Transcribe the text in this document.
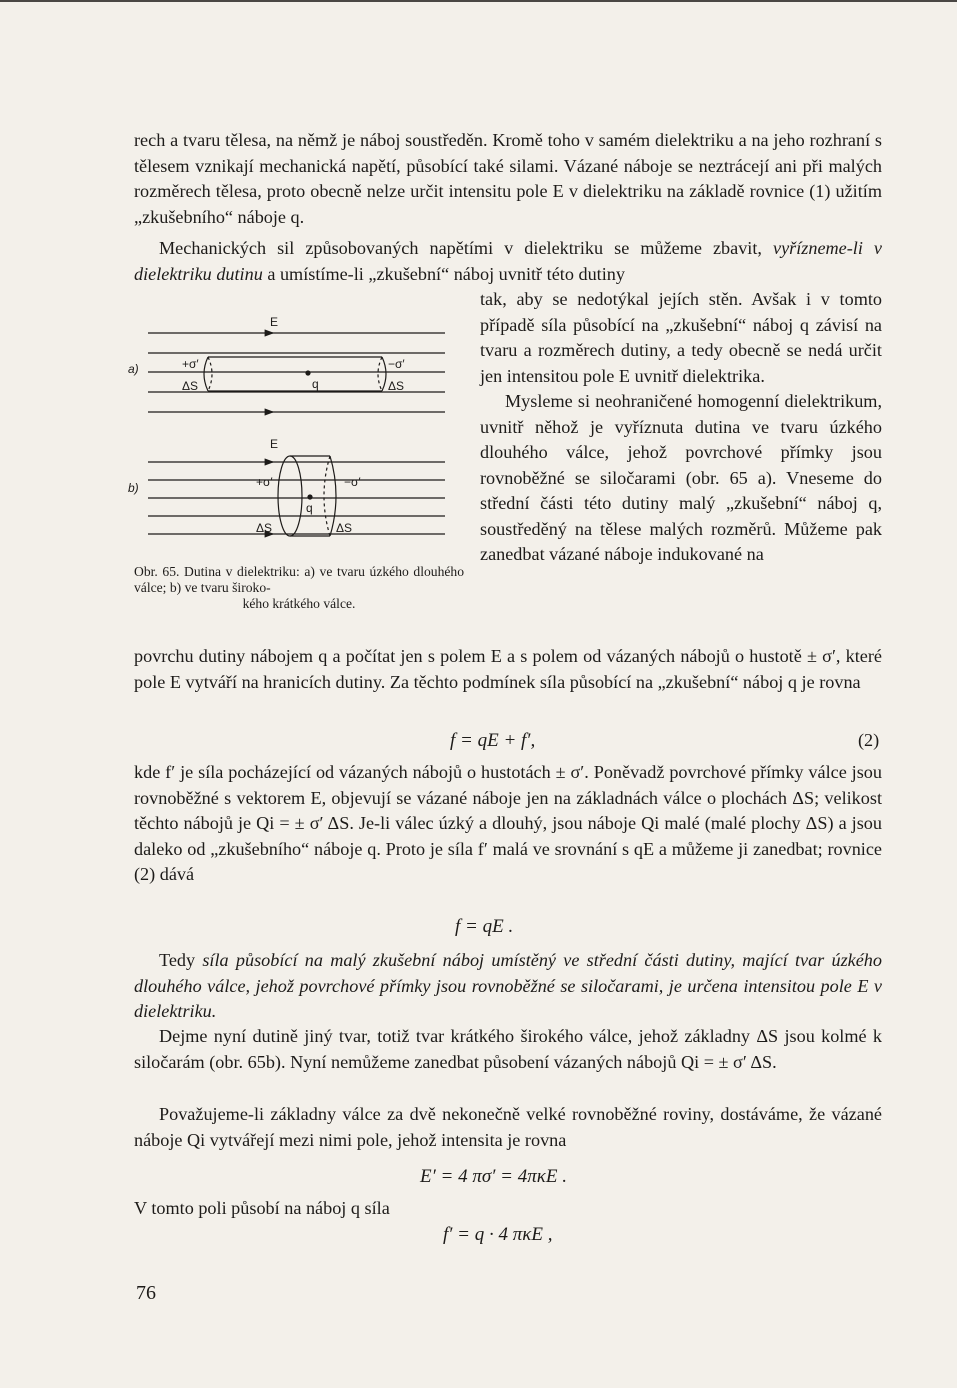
rech a tvaru tělesa, na němž je náboj soustředěn. Kromě toho v samém dielektriku a na jeho rozhraní s tělesem vznikají mechanická napětí, působící také silami. Vázané náboje se neztrácejí ani při malých rozměrech tělesa, proto obecně nelze určit intensitu pole E v dielektriku na základě rovnice (1) užitím „zkušebního“ náboje q.

Mechanických sil způsobovaných napětími v dielektriku se můžeme zbavit, vyřízneme-li v dielektriku dutinu a umístíme-li „zkušební“ náboj uvnitř této dutiny

tak, aby se nedotýkal jejích stěn. Avšak i v tomto případě síla působící na „zkušební“ náboj q závisí na tvaru a rozměrech dutiny, a tedy obecně se nedá určit jen intensitou pole E uvnitř dielektrika.

Mysleme si neohraničené homogenní dielektrikum, uvnitř něhož je vyříznuta dutina ve tvaru úzkého dlouhého válce, jehož povrchové přímky jsou rovnoběžné se siločarami (obr. 65 a). Vneseme do střední části této dutiny malý „zkušební“ náboj q, soustředěný na tělese malých rozměrů. Můžeme pak zanedbat vázané náboje indukované na

a)
E
+σ′	−σ′
ΔS	ΔS
q
b)
E
+σ′	−σ′
ΔS	ΔS
q
Obr. 65. Dutina v dielektriku: a) ve tvaru úzkého dlouhého válce; b) ve tvaru široko-
kého krátkého válce.

povrchu dutiny nábojem q a počítat jen s polem E a s polem od vázaných nábojů o hustotě ± σ′, které pole E vytváří na hranicích dutiny. Za těchto podmínek síla působící na „zkušební“ náboj q je rovna

f = qE + f′,	(2)

kde f′ je síla pocházející od vázaných nábojů o hustotách ± σ′. Poněvadž povrchové přímky válce jsou rovnoběžné s vektorem E, objevují se vázané náboje jen na základnách válce o plochách ΔS; velikost těchto nábojů je Qi = ± σ′ ΔS. Je-li válec úzký a dlouhý, jsou náboje Qi malé (malé plochy ΔS) a jsou daleko od „zkušebního“ náboje q. Proto je síla f′ malá ve srovnání s qE a můžeme ji zanedbat; rovnice (2) dává

f = qE .

Tedy síla působící na malý zkušební náboj umístěný ve střední části dutiny, mající tvar úzkého dlouhého válce, jehož povrchové přímky jsou rovnoběžné se siločarami, je určena intensitou pole E v dielektriku.

Dejme nyní dutině jiný tvar, totiž tvar krátkého širokého válce, jehož základny ΔS jsou kolmé k siločarám (obr. 65b). Nyní nemůžeme zanedbat působení vázaných nábojů Qi = ± σ′ ΔS.

Považujeme-li základny válce za dvě nekonečně velké rovnoběžné roviny, dostáváme, že vázané náboje Qi vytvářejí mezi nimi pole, jehož intensita je rovna

E′ = 4 πσ′ = 4πκE .

V tomto poli působí na náboj q síla

f′ = q · 4 πκE ,
76
